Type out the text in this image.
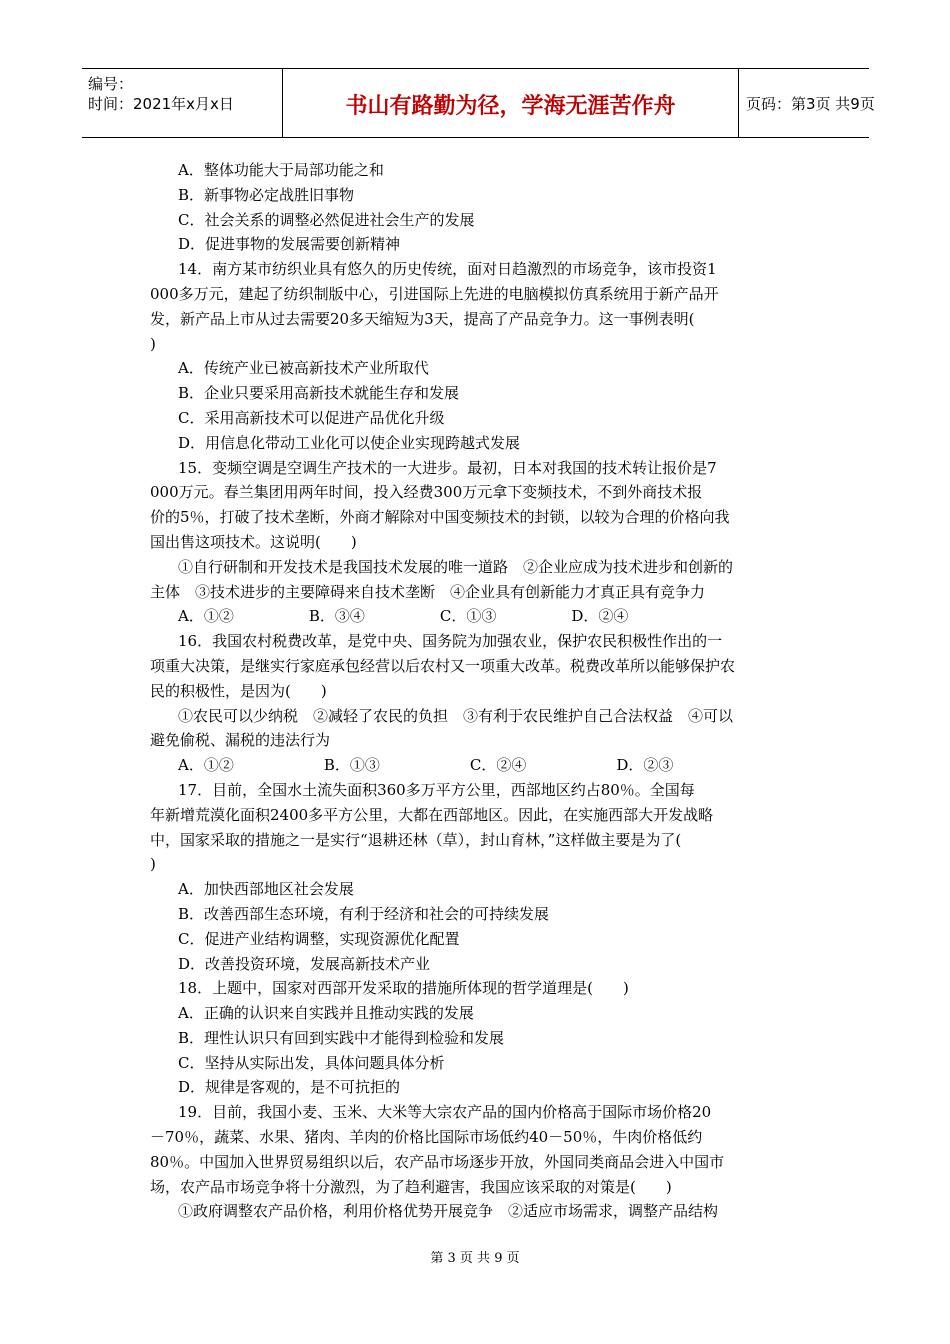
编号：
时间：2021年x月x日	书山有路勤为径，学海无涯苦作舟	页码：第3页 共9页
A．整体功能大于局部功能之和
B．新事物必定战胜旧事物
C．社会关系的调整必然促进社会生产的发展
D．促进事物的发展需要创新精神
14．南方某市纺织业具有悠久的历史传统，面对日趋激烈的市场竞争，该市投资1
000多万元，建起了纺织制版中心，引进国际上先进的电脑模拟仿真系统用于新产品开
发，新产品上市从过去需要20多天缩短为3天，提高了产品竞争力。这一事例表明(
)
A．传统产业已被高新技术产业所取代
B．企业只要采用高新技术就能生存和发展
C．采用高新技术可以促进产品优化升级
D．用信息化带动工业化可以使企业实现跨越式发展
15．变频空调是空调生产技术的一大进步。最初，日本对我国的技术转让报价是7
000万元。春兰集团用两年时间，投入经费300万元拿下变频技术，不到外商技术报
价的5％，打破了技术垄断，外商才解除对中国变频技术的封锁，以较为合理的价格向我
国出售这项技术。这说明(　　)
①自行研制和开发技术是我国技术发展的唯一道路　②企业应成为技术进步和创新的
主体　③技术进步的主要障碍来自技术垄断　④企业具有创新能力才真正具有竞争力
A．①②　　　　　B．③④　　　　　C．①③　　　　　D．②④
16．我国农村税费改革，是党中央、国务院为加强农业，保护农民积极性作出的一
项重大决策，是继实行家庭承包经营以后农村又一项重大改革。税费改革所以能够保护农
民的积极性，是因为(　　)
①农民可以少纳税　②减轻了农民的负担　③有利于农民维护自己合法权益　④可以
避免偷税、漏税的违法行为
A．①②　　　　　　B．①③　　　　　　C．②④　　　　　　D．②③
17．目前，全国水土流失面积360多万平方公里，西部地区约占80％。全国每
年新增荒漠化面积2400多平方公里，大都在西部地区。因此，在实施西部大开发战略
中，国家采取的措施之一是实行“退耕还林（草），封山育林，”这样做主要是为了(
)
A．加快西部地区社会发展
B．改善西部生态环境，有利于经济和社会的可持续发展
C．促进产业结构调整，实现资源优化配置
D．改善投资环境，发展高新技术产业
18．上题中，国家对西部开发采取的措施所体现的哲学道理是(　　)
A．正确的认识来自实践并且推动实践的发展
B．理性认识只有回到实践中才能得到检验和发展
C．坚持从实际出发，具体问题具体分析
D．规律是客观的，是不可抗拒的
19．目前，我国小麦、玉米、大米等大宗农产品的国内价格高于国际市场价格20
－70％，蔬菜、水果、猪肉、羊肉的价格比国际市场低约40－50％，牛肉价格低约
80％。中国加入世界贸易组织以后，农产品市场逐步开放，外国同类商品会进入中国市
场，农产品市场竞争将十分激烈，为了趋利避害，我国应该采取的对策是(　　)
①政府调整农产品价格，利用价格优势开展竞争　②适应市场需求，调整产品结构
第 3 页 共 9 页
